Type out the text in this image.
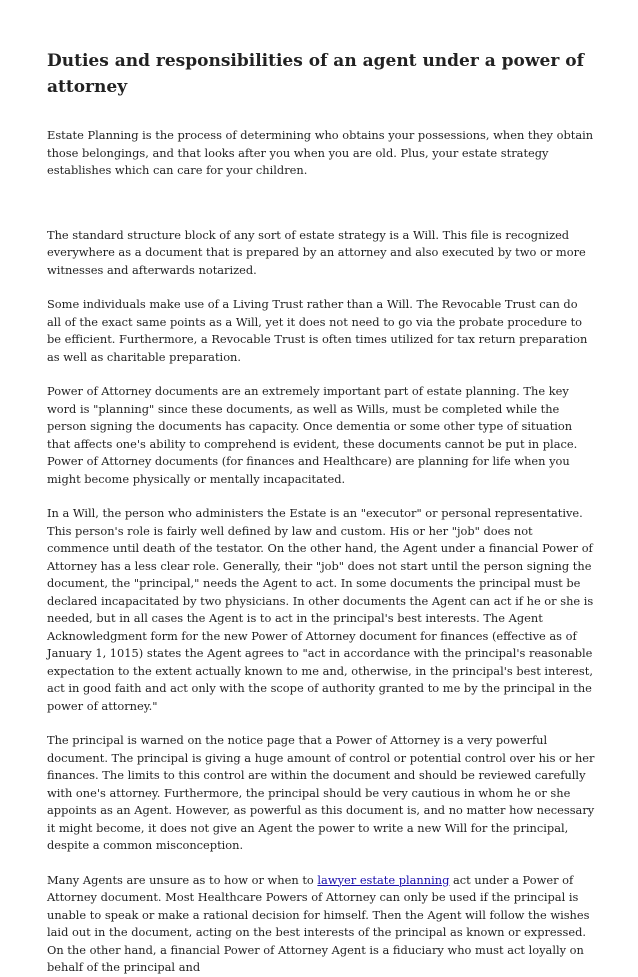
Duties and responsibilities of an agent under a power of attorney

Estate Planning is the process of determining who obtains your possessions, when they obtain those belongings, and that looks after you when you are old. Plus, your estate strategy establishes which can care for your children.

The standard structure block of any sort of estate strategy is a Will. This file is recognized everywhere as a document that is prepared by an attorney and also executed by two or more witnesses and afterwards notarized.

Some individuals make use of a Living Trust rather than a Will. The Revocable Trust can do all of the exact same points as a Will, yet it does not need to go via the probate procedure to be efficient. Furthermore, a Revocable Trust is often times utilized for tax return preparation as well as charitable preparation.

Power of Attorney documents are an extremely important part of estate planning. The key word is "planning" since these documents, as well as Wills, must be completed while the person signing the documents has capacity. Once dementia or some other type of situation that affects one's ability to comprehend is evident, these documents cannot be put in place. Power of Attorney documents (for finances and Healthcare) are planning for life when you might become physically or mentally incapacitated.

In a Will, the person who administers the Estate is an "executor" or personal representative. This person's role is fairly well defined by law and custom. His or her "job" does not commence until death of the testator. On the other hand, the Agent under a financial Power of Attorney has a less clear role. Generally, their "job" does not start until the person signing the document, the "principal," needs the Agent to act. In some documents the principal must be declared incapacitated by two physicians. In other documents the Agent can act if he or she is needed, but in all cases the Agent is to act in the principal's best interests. The Agent Acknowledgment form for the new Power of Attorney document for finances (effective as of January 1, 1015) states the Agent agrees to "act in accordance with the principal's reasonable expectation to the extent actually known to me and, otherwise, in the principal's best interest, act in good faith and act only with the scope of authority granted to me by the principal in the power of attorney."

The principal is warned on the notice page that a Power of Attorney is a very powerful document. The principal is giving a huge amount of control or potential control over his or her finances. The limits to this control are within the document and should be reviewed carefully with one's attorney. Furthermore, the principal should be very cautious in whom he or she appoints as an Agent. However, as powerful as this document is, and no matter how necessary it might become, it does not give an Agent the power to write a new Will for the principal, despite a common misconception.

Many Agents are unsure as to how or when to lawyer estate planning act under a Power of Attorney document. Most Healthcare Powers of Attorney can only be used if the principal is unable to speak or make a rational decision for himself. Then the Agent will follow the wishes laid out in the document, acting on the best interests of the principal as known or expressed. On the other hand, a financial Power of Attorney Agent is a fiduciary who must act loyally on behalf of the principal and
